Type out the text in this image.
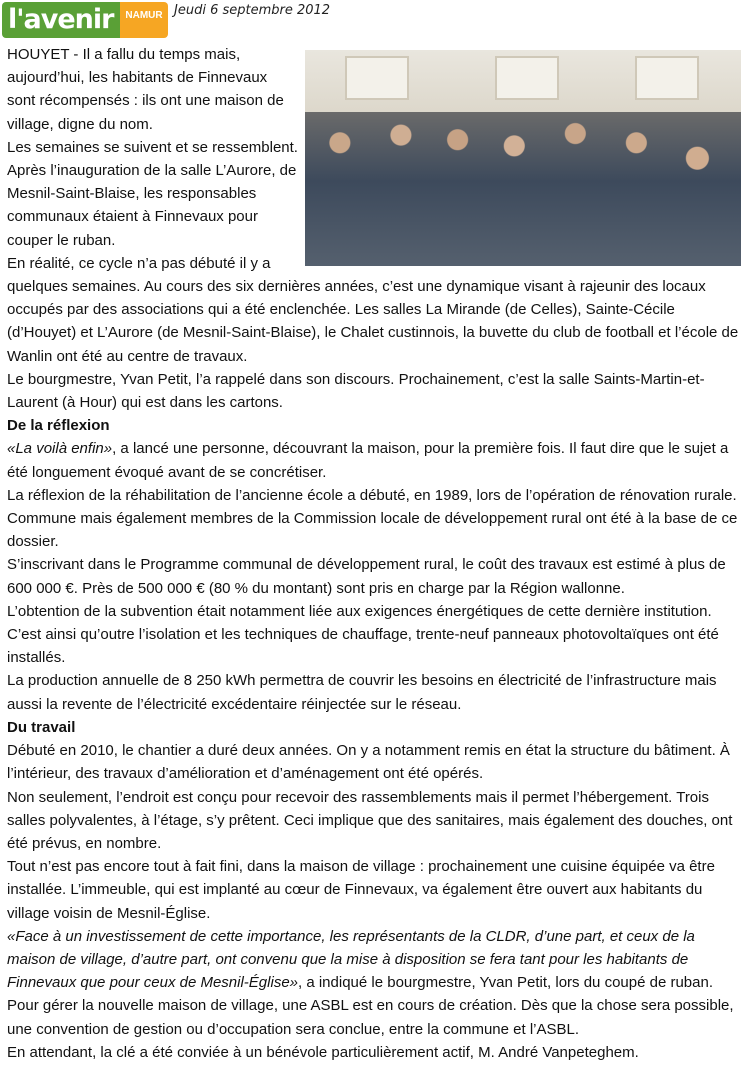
l'avenir	NAMUR Jeudi 6 septembre 2012

HOUYET - Il a fallu du temps mais, aujourd’hui, les habitants de Finnevaux sont récompensés : ils ont une maison de village, digne du nom.

Les semaines se suivent et se ressemblent. Après l’inauguration de la salle L’Aurore, de Mesnil-Saint-Blaise, les responsables communaux étaient à Finnevaux pour couper le ruban.

En réalité, ce cycle n’a pas débuté il y a

quelques semaines. Au cours des six dernières années, c’est une dynamique visant à rajeunir des locaux occupés par des associations qui a été enclenchée. Les salles La Mirande (de Celles), Sainte-Cécile (d’Houyet) et L’Aurore (de Mesnil-Saint-Blaise), le Chalet custinnois, la buvette du club de football et l’école de Wanlin ont été au centre de travaux.

Le bourgmestre, Yvan Petit, l’a rappelé dans son discours. Prochainement, c’est la salle Saints-Martin-et-Laurent (à Hour) qui est dans les cartons.

De la réflexion

«La voilà enfin», a lancé une personne, découvrant la maison, pour la première fois. Il faut dire que le sujet a été longuement évoqué avant de se concrétiser.

La réflexion de la réhabilitation de l’ancienne école a débuté, en 1989, lors de l’opération de rénovation rurale. Commune mais également membres de la Commission locale de développement rural ont été à la base de ce dossier.

S’inscrivant dans le Programme communal de développement rural, le coût des travaux est estimé à plus de 600 000 €. Près de 500 000 € (80 % du montant) sont pris en charge par la Région wallonne.

L’obtention de la subvention était notamment liée aux exigences énergétiques de cette dernière institution. C’est ainsi qu’outre l’isolation et les techniques de chauffage, trente-neuf panneaux photovoltaïques ont été installés.

La production annuelle de 8 250 kWh permettra de couvrir les besoins en électricité de l’infrastructure mais aussi la revente de l’électricité excédentaire réinjectée sur le réseau.

Du travail

Débuté en 2010, le chantier a duré deux années. On y a notamment remis en état la structure du bâtiment. À l’intérieur, des travaux d’amélioration et d’aménagement ont été opérés.

Non seulement, l’endroit est conçu pour recevoir des rassemblements mais il permet l’hébergement. Trois salles polyvalentes, à l’étage, s’y prêtent. Ceci implique que des sanitaires, mais également des douches, ont été prévus, en nombre.

Tout n’est pas encore tout à fait fini, dans la maison de village : prochainement une cuisine équipée va être installée. L’immeuble, qui est implanté au cœur de Finnevaux, va également être ouvert aux habitants du village voisin de Mesnil-Église.

«Face à un investissement de cette importance, les représentants de la CLDR, d’une part, et ceux de la maison de village, d’autre part, ont convenu que la mise à disposition se fera tant pour les habitants de Finnevaux que pour ceux de Mesnil-Église», a indiqué le bourgmestre, Yvan Petit, lors du coupé de ruban.

Pour gérer la nouvelle maison de village, une ASBL est en cours de création. Dès que la chose sera possible, une convention de gestion ou d’occupation sera conclue, entre la commune et l’ASBL.

En attendant, la clé a été conviée à un bénévole particulièrement actif, M. André Vanpeteghem.
